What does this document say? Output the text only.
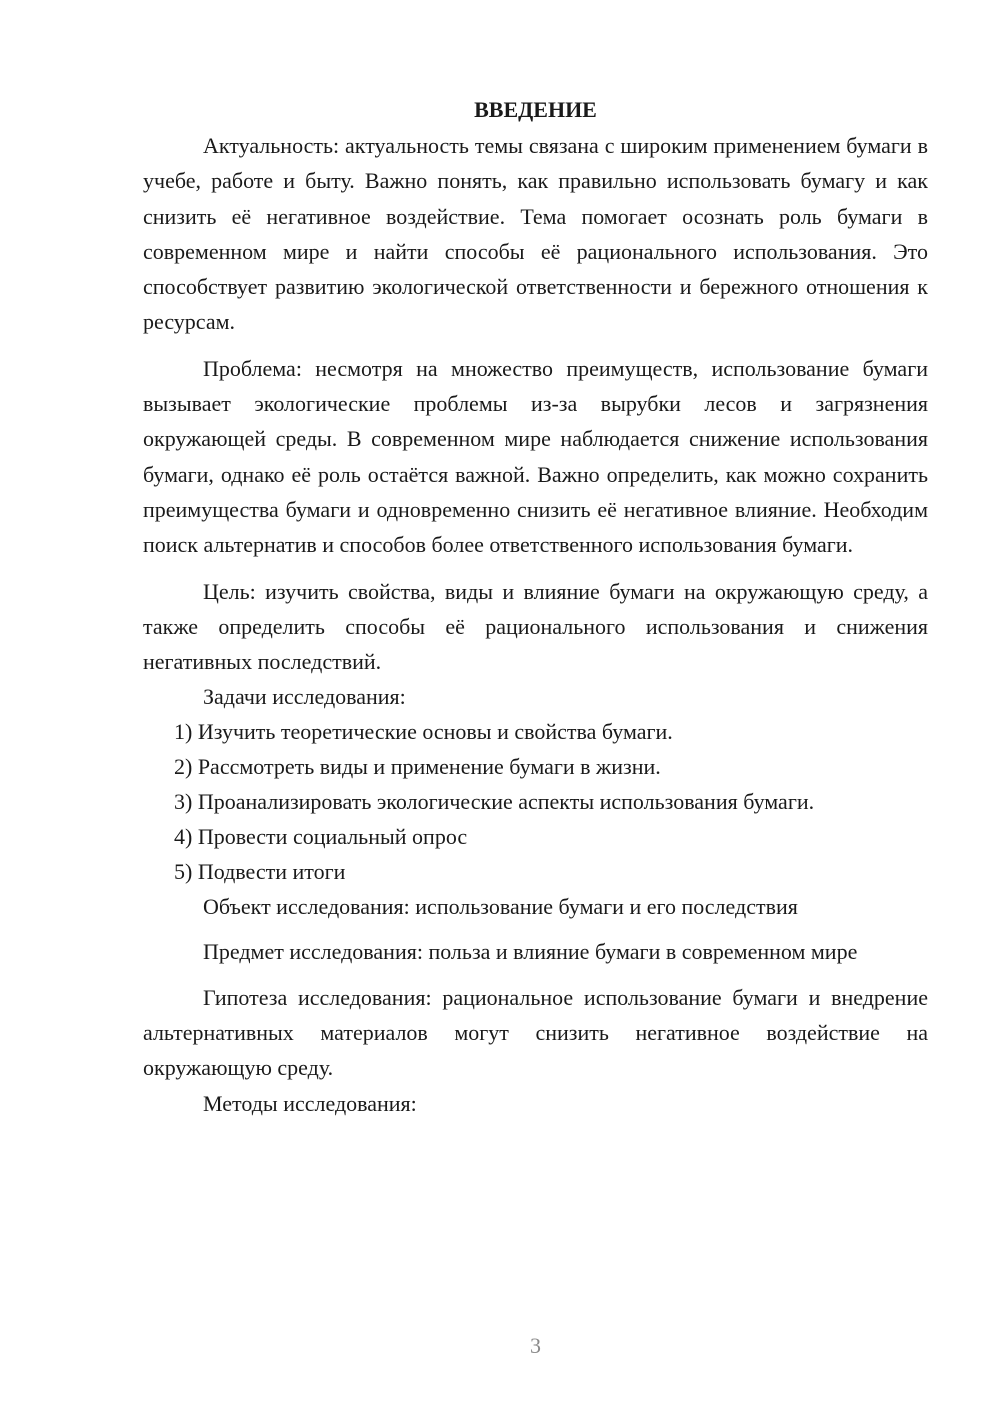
ВВЕДЕНИЕ

Актуальность: актуальность темы связана с широким применением бумаги в учебе, работе и быту. Важно понять, как правильно использовать бумагу и как снизить её негативное воздействие. Тема помогает осознать роль бумаги в современном мире и найти способы её рационального использования. Это способствует развитию экологической ответственности и бережного отношения к ресурсам.

Проблема: несмотря на множество преимуществ, использование бумаги вызывает экологические проблемы из-за вырубки лесов и загрязнения окружающей среды. В современном мире наблюдается снижение использования бумаги, однако её роль остаётся важной. Важно определить, как можно сохранить преимущества бумаги и одновременно снизить её негативное влияние. Необходим поиск альтернатив и способов более ответственного использования бумаги.

Цель: изучить свойства, виды и влияние бумаги на окружающую среду, а также определить способы её рационального использования и снижения негативных последствий.

Задачи исследования:

1) Изучить теоретические основы и свойства бумаги.

2) Рассмотреть виды и применение бумаги в жизни.

3) Проанализировать экологические аспекты использования бумаги.

4) Провести социальный опрос

5) Подвести итоги

Объект исследования: использование бумаги и его последствия

Предмет исследования: польза и влияние бумаги в современном мире

Гипотеза исследования: рациональное использование бумаги и внедрение альтернативных материалов могут снизить негативное воздействие на окружающую среду.

Методы исследования:

3
